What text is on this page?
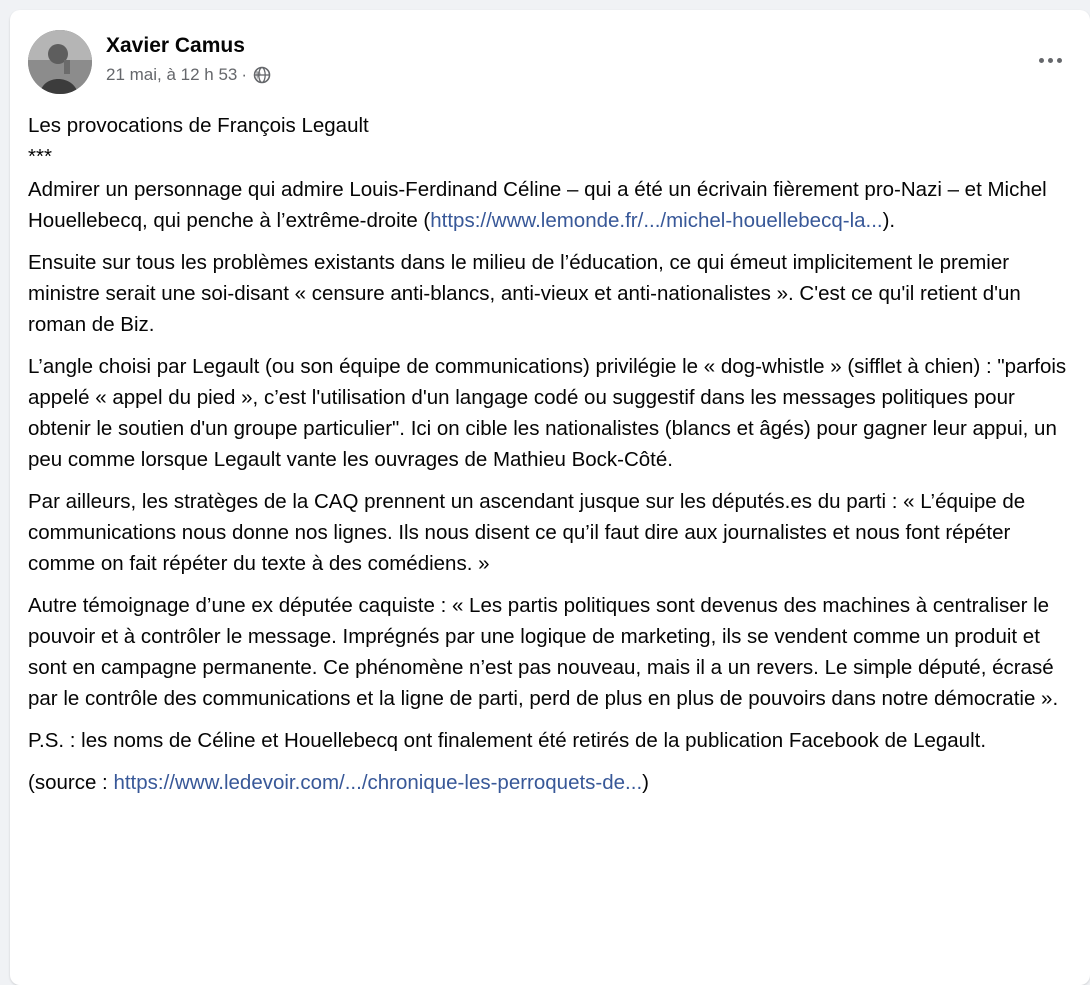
Xavier Camus
21 mai, à 12 h 53 ·

Les provocations de François Legault
***

Admirer un personnage qui admire Louis-Ferdinand Céline – qui a été un écrivain fièrement pro-Nazi – et Michel Houellebecq, qui penche à l’extrême-droite (https://www.lemonde.fr/.../michel-houellebecq-la...).

Ensuite sur tous les problèmes existants dans le milieu de l’éducation, ce qui émeut implicitement le premier ministre serait une soi-disant « censure anti-blancs, anti-vieux et anti-nationalistes ». C'est ce qu'il retient d'un roman de Biz.

L’angle choisi par Legault (ou son équipe de communications) privilégie le « dog-whistle » (sifflet à chien) : "parfois appelé « appel du pied », c’est l'utilisation d'un langage codé ou suggestif dans les messages politiques pour obtenir le soutien d'un groupe particulier". Ici on cible les nationalistes (blancs et âgés) pour gagner leur appui, un peu comme lorsque Legault vante les ouvrages de Mathieu Bock-Côté.

Par ailleurs, les stratèges de la CAQ prennent un ascendant jusque sur les députés.es du parti : « L’équipe de communications nous donne nos lignes. Ils nous disent ce qu’il faut dire aux journalistes et nous font répéter comme on fait répéter du texte à des comédiens. »

Autre témoignage d’une ex députée caquiste : « Les partis politiques sont devenus des machines à centraliser le pouvoir et à contrôler le message. Imprégnés par une logique de marketing, ils se vendent comme un produit et sont en campagne permanente. Ce phénomène n’est pas nouveau, mais il a un revers. Le simple député, écrasé par le contrôle des communications et la ligne de parti, perd de plus en plus de pouvoirs dans notre démocratie ».

P.S. : les noms de Céline et Houellebecq ont finalement été retirés de la publication Facebook de Legault.

(source : https://www.ledevoir.com/.../chronique-les-perroquets-de...)
